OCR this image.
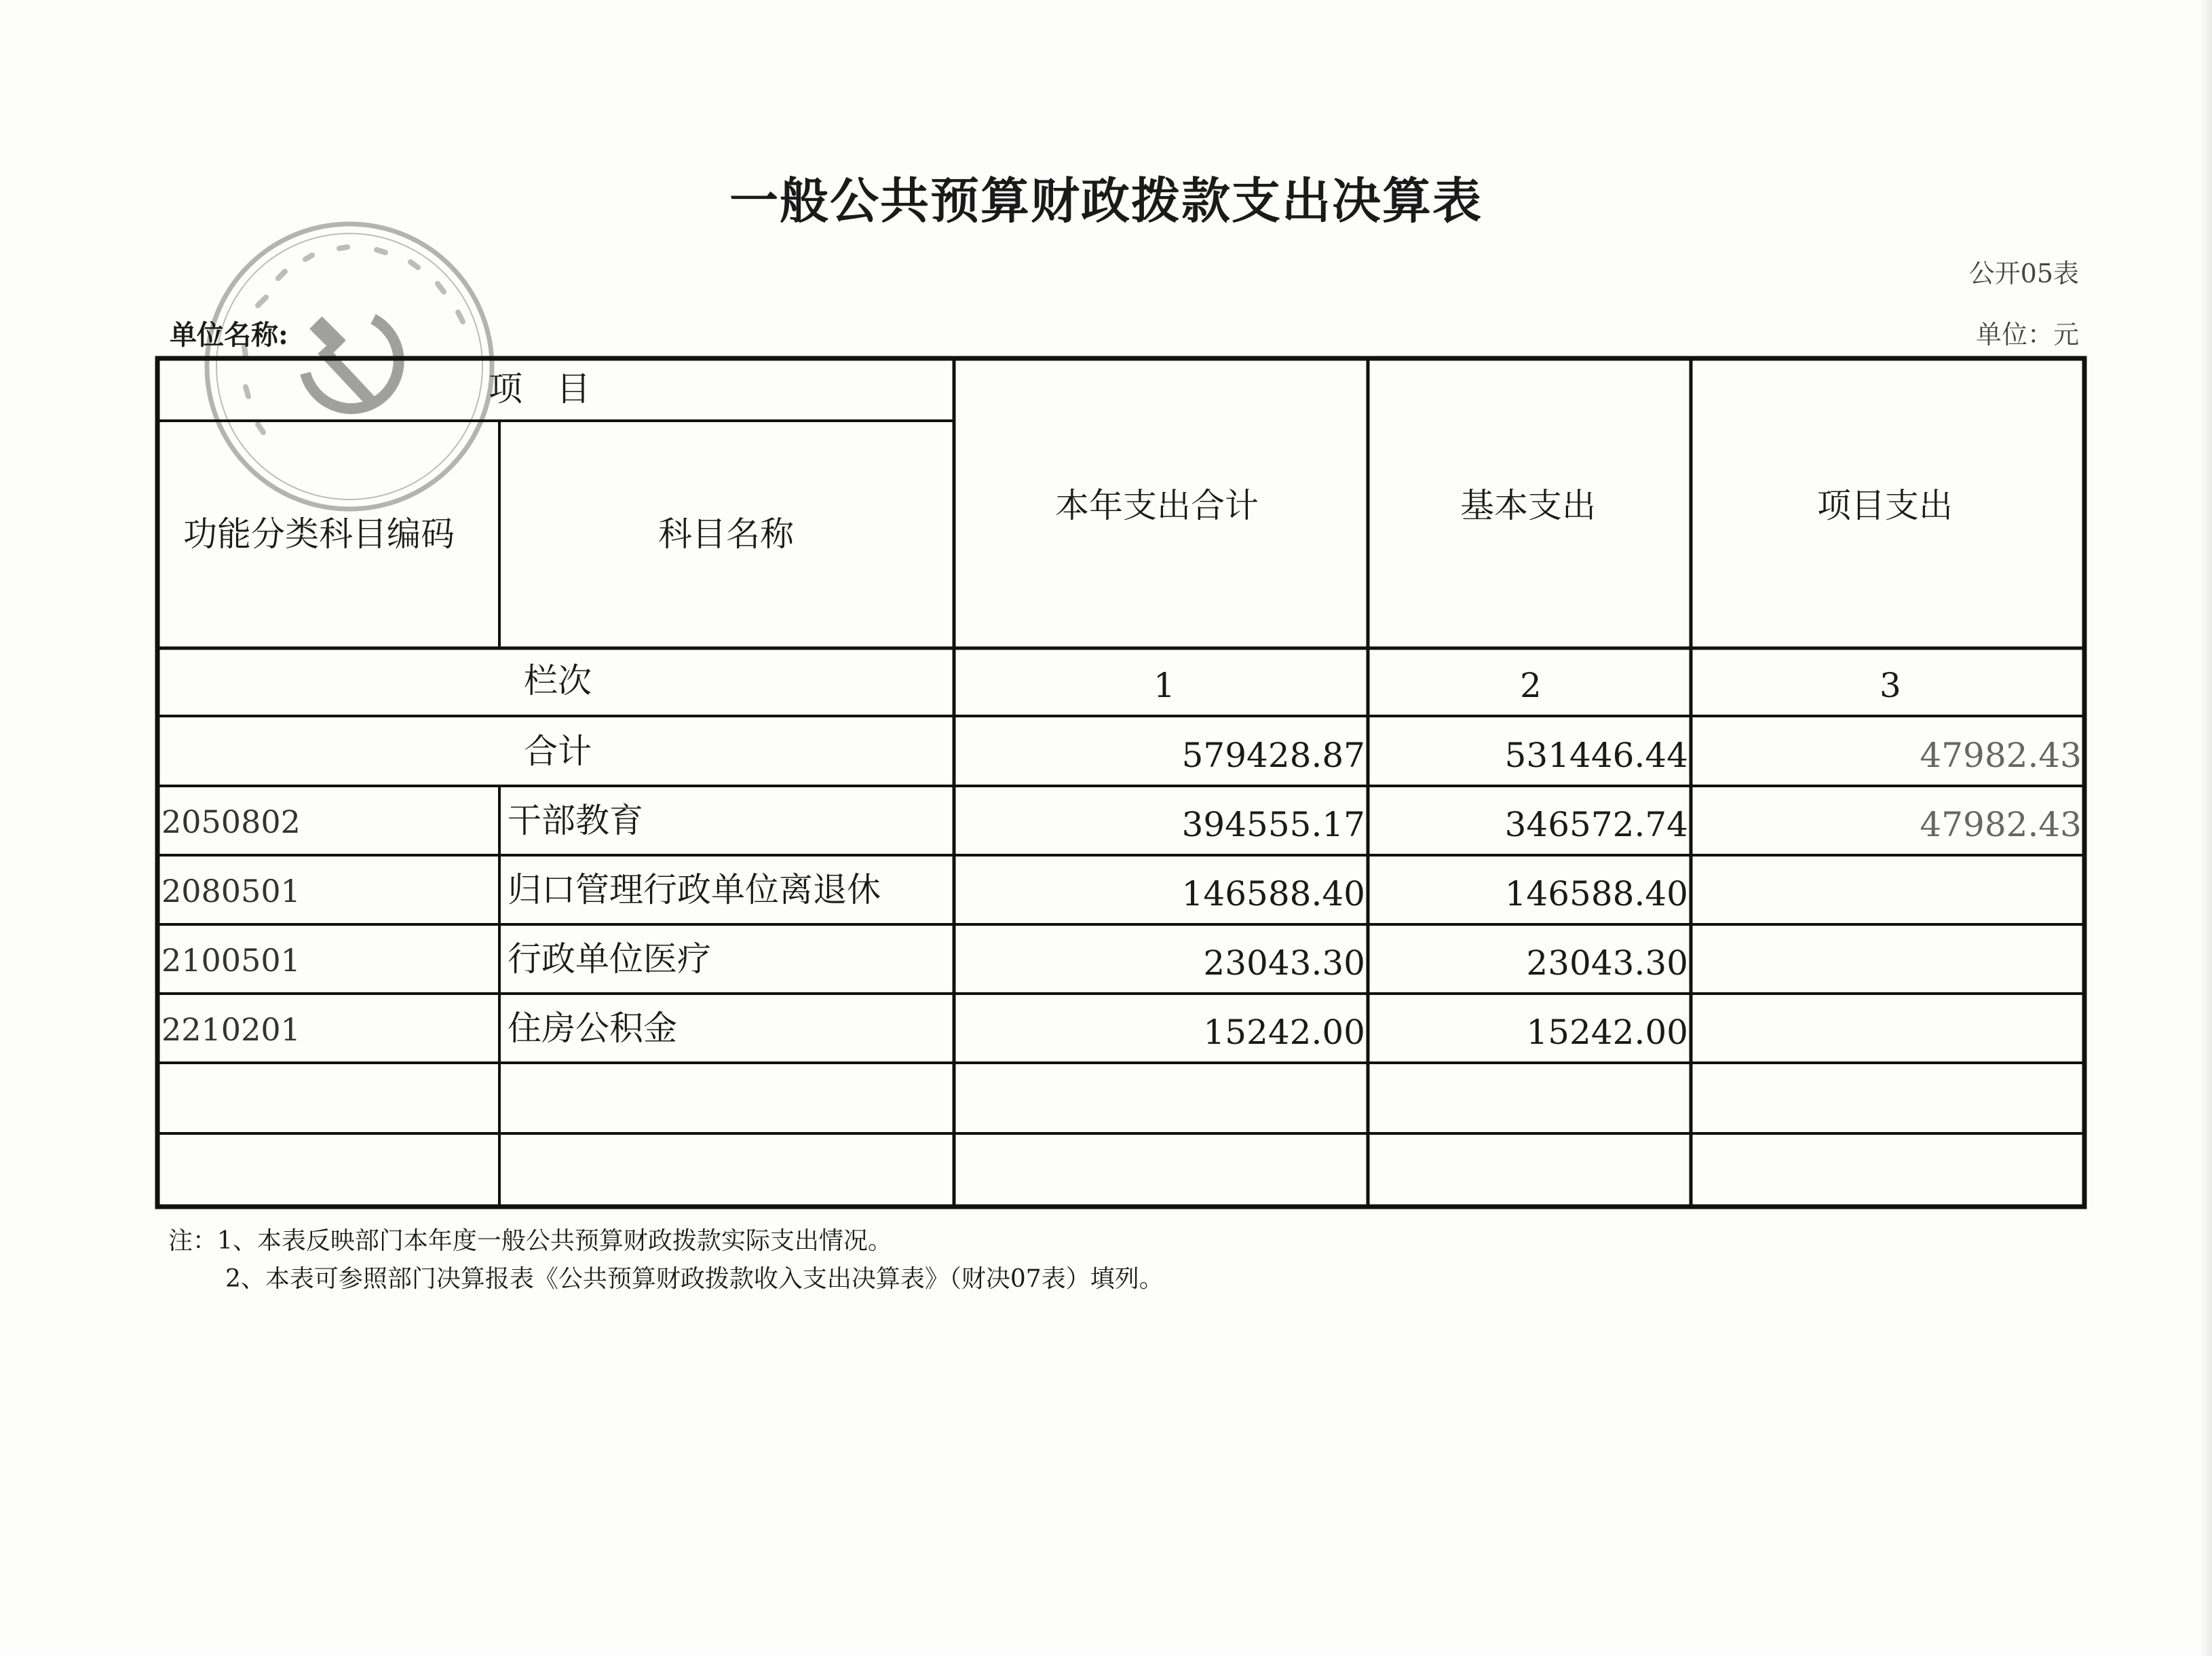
一般公共预算财政拨款支出决算表
公开05表
单位名称:	单位：元
项　目
功能分类科目编码	科目名称
本年支出合计	基本支出	项目支出
栏次	1	2	3
合计	579428.87	531446.44	47982.43
2050802	干部教育	394555.17	346572.74	47982.43
2080501	归口管理行政单位离退休	146588.40	146588.40
2100501	行政单位医疗	23043.30	23043.30
2210201	住房公积金	15242.00	15242.00
注：1、本表反映部门本年度一般公共预算财政拨款实际支出情况。
2、本表可参照部门决算报表《公共预算财政拨款收入支出决算表》（财决07表）填列。
